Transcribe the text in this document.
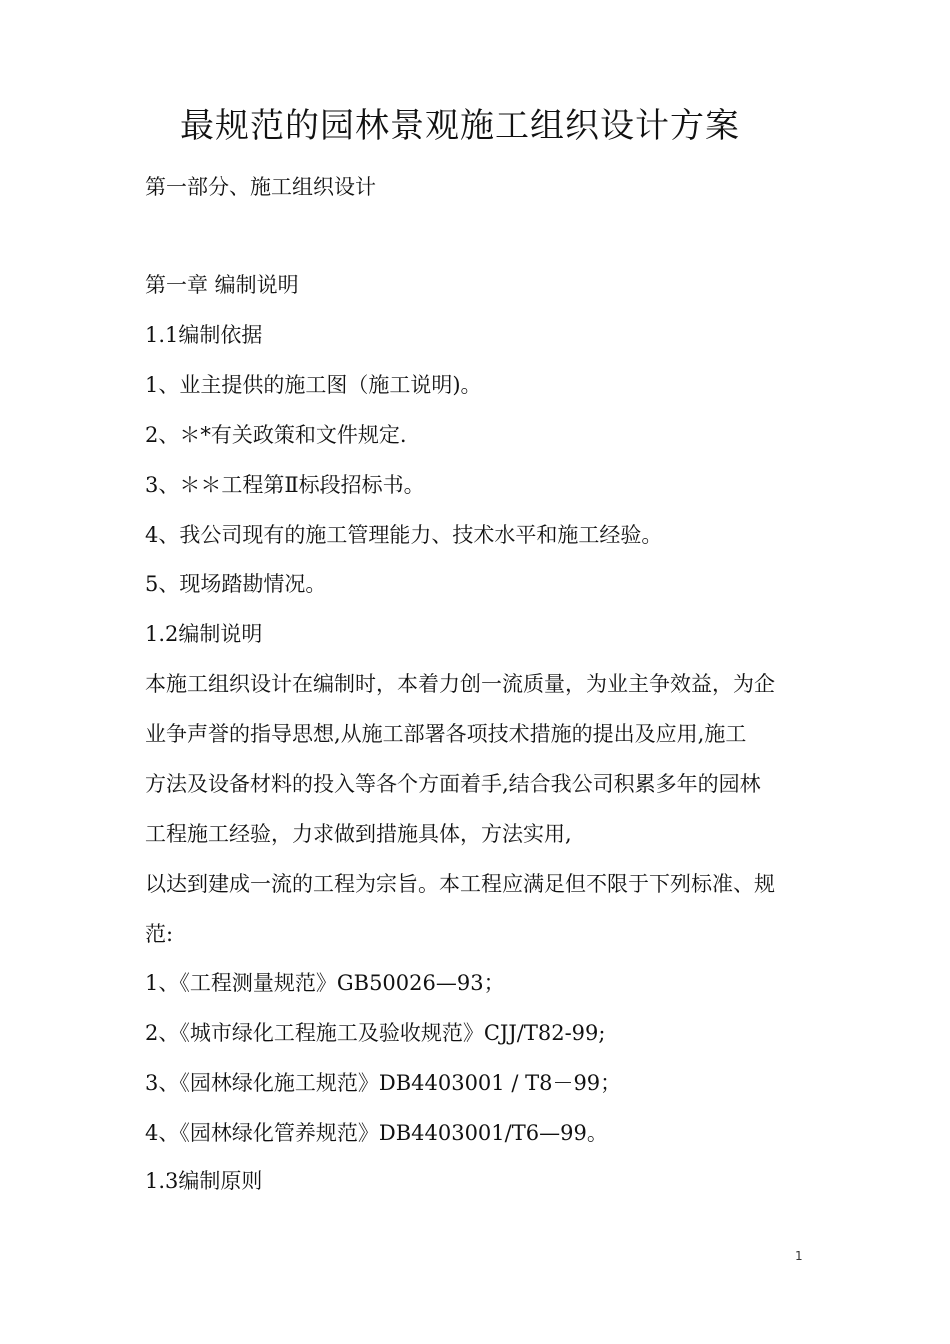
最规范的园林景观施工组织设计方案

第一部分、施工组织设计

第一章 编制说明

1.1编制依据

1、业主提供的施工图（施工说明)。

2、＊*有关政策和文件规定.

3、＊＊工程第Ⅱ标段招标书。

4、我公司现有的施工管理能力、技术水平和施工经验。

5、现场踏勘情况。

1.2编制说明

本施工组织设计在编制时，本着力创一流质量，为业主争效益，为企

业争声誉的指导思想,从施工部署各项技术措施的提出及应用,施工

方法及设备材料的投入等各个方面着手,结合我公司积累多年的园林

工程施工经验，力求做到措施具体，方法实用,

以达到建成一流的工程为宗旨。本工程应满足但不限于下列标准、规

范:

1、《工程测量规范》GB50026—93；

2、《城市绿化工程施工及验收规范》CJJ/T82-99;

3、《园林绿化施工规范》DB4403001 / T8－99；

4、《园林绿化管养规范》DB4403001/T6—99。

1.3编制原则

1
